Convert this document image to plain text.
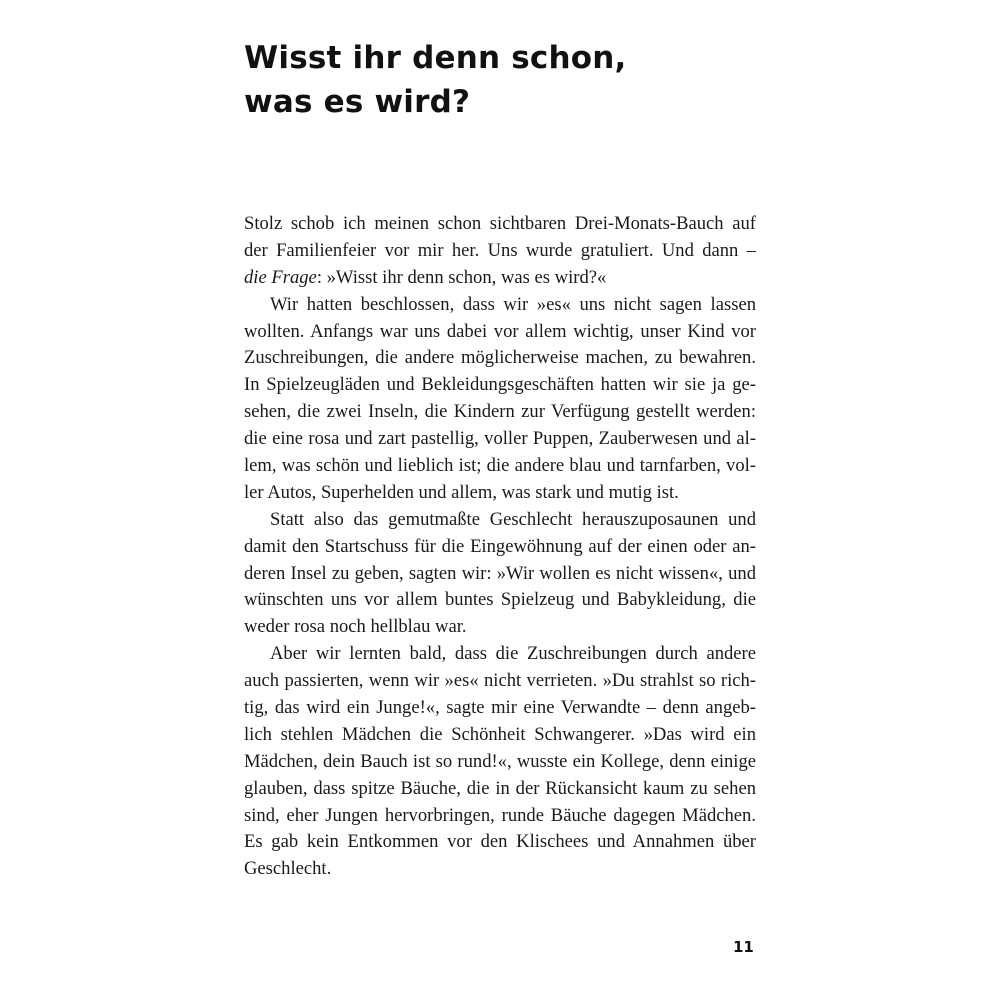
Wisst ihr denn schon,
was es wird?
Stolz schob ich meinen schon sichtbaren Drei-Monats-Bauch auf
der Familienfeier vor mir her. Uns wurde gratuliert. Und dann –
die Frage: »Wisst ihr denn schon, was es wird?«
Wir hatten beschlossen, dass wir »es« uns nicht sagen lassen
wollten. Anfangs war uns dabei vor allem wichtig, unser Kind vor
Zuschreibungen, die andere möglicherweise machen, zu bewahren.
In Spielzeugläden und Bekleidungsgeschäften hatten wir sie ja ge-
sehen, die zwei Inseln, die Kindern zur Verfügung gestellt werden:
die eine rosa und zart pastellig, voller Puppen, Zauberwesen und al-
lem, was schön und lieblich ist; die andere blau und tarnfarben, vol-
ler Autos, Superhelden und allem, was stark und mutig ist.
Statt also das gemutmaßte Geschlecht herauszuposaunen und
damit den Startschuss für die Eingewöhnung auf der einen oder an-
deren Insel zu geben, sagten wir: »Wir wollen es nicht wissen«, und
wünschten uns vor allem buntes Spielzeug und Babykleidung, die
weder rosa noch hellblau war.
Aber wir lernten bald, dass die Zuschreibungen durch andere
auch passierten, wenn wir »es« nicht verrieten. »Du strahlst so rich-
tig, das wird ein Junge!«, sagte mir eine Verwandte – denn angeb-
lich stehlen Mädchen die Schönheit Schwangerer. »Das wird ein
Mädchen, dein Bauch ist so rund!«, wusste ein Kollege, denn einige
glauben, dass spitze Bäuche, die in der Rückansicht kaum zu sehen
sind, eher Jungen hervorbringen, runde Bäuche dagegen Mädchen.
Es gab kein Entkommen vor den Klischees und Annahmen über
Geschlecht.
11
